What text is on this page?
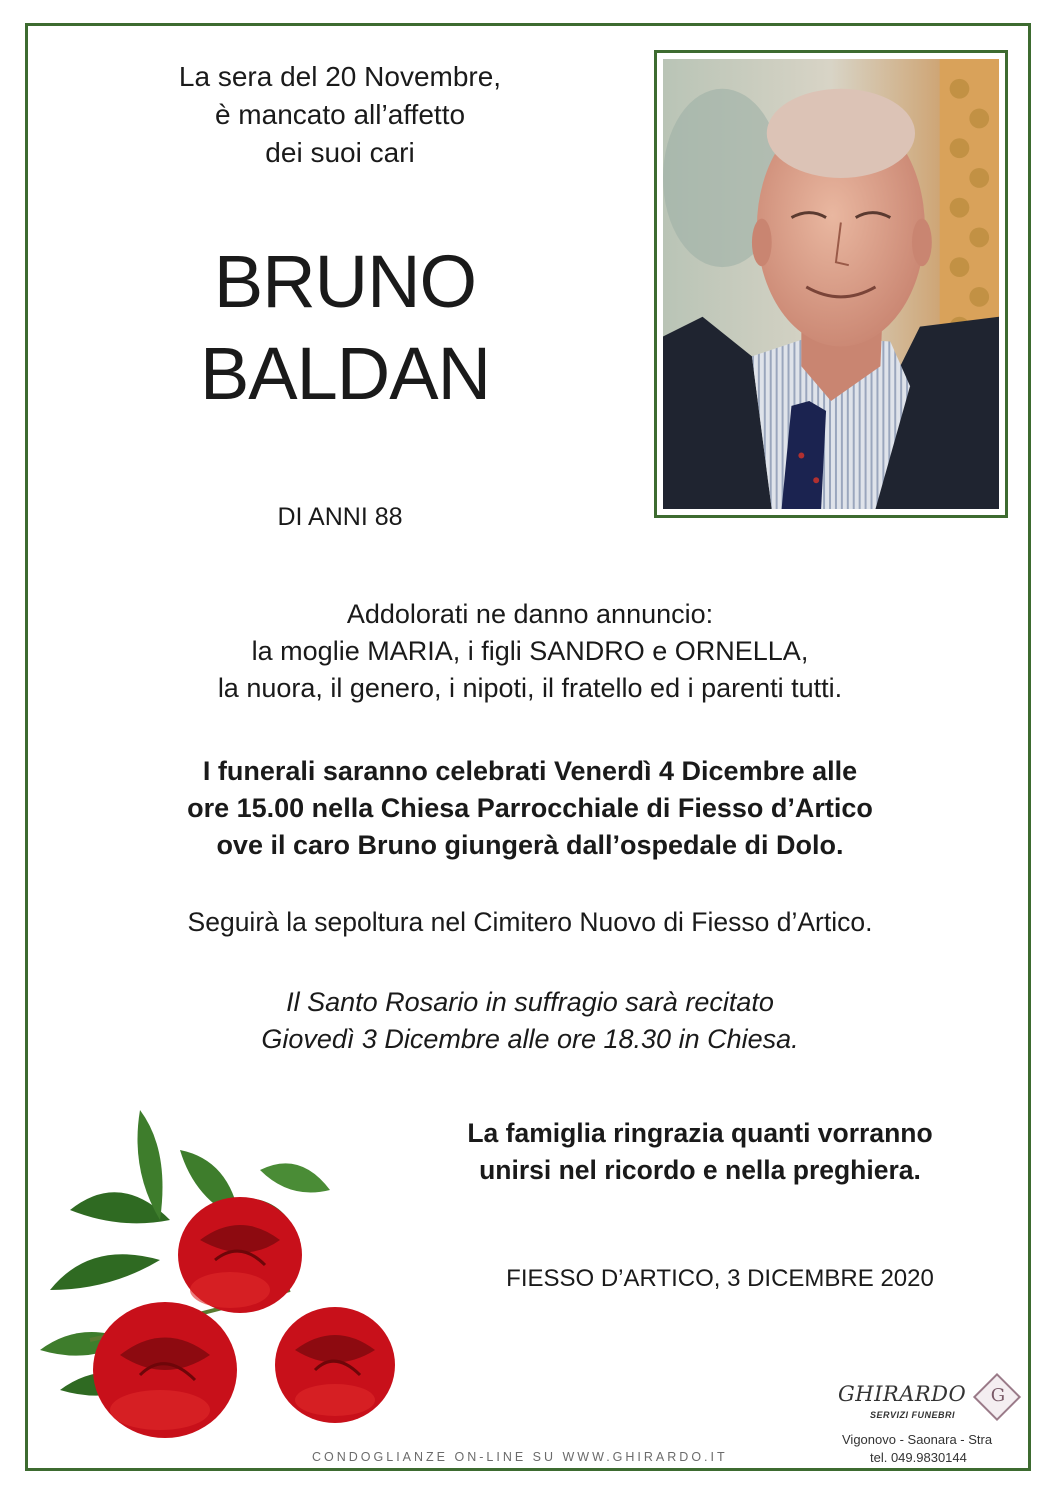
La sera del 20 Novembre,
è mancato all’affetto
dei suoi cari
BRUNO
BALDAN
DI ANNI 88
Addolorati ne danno annuncio:
la moglie MARIA, i figli SANDRO e ORNELLA,
la nuora, il genero, i nipoti, il fratello ed i parenti tutti.
I funerali saranno celebrati Venerdì 4 Dicembre alle
ore 15.00 nella Chiesa Parrocchiale di Fiesso d’Artico
ove il caro Bruno giungerà dall’ospedale di Dolo.
Seguirà la sepoltura nel Cimitero Nuovo di Fiesso d’Artico.
Il Santo Rosario in suffragio sarà recitato
Giovedì 3 Dicembre alle ore 18.30 in Chiesa.
La famiglia ringrazia quanti vorranno
unirsi nel ricordo e nella preghiera.
FIESSO D’ARTICO, 3 DICEMBRE 2020
CONDOGLIANZE ON-LINE SU WWW.GHIRARDO.IT
GHIRARDO
SERVIZI FUNEBRI
G
Vigonovo - Saonara - Stra
tel. 049.9830144
